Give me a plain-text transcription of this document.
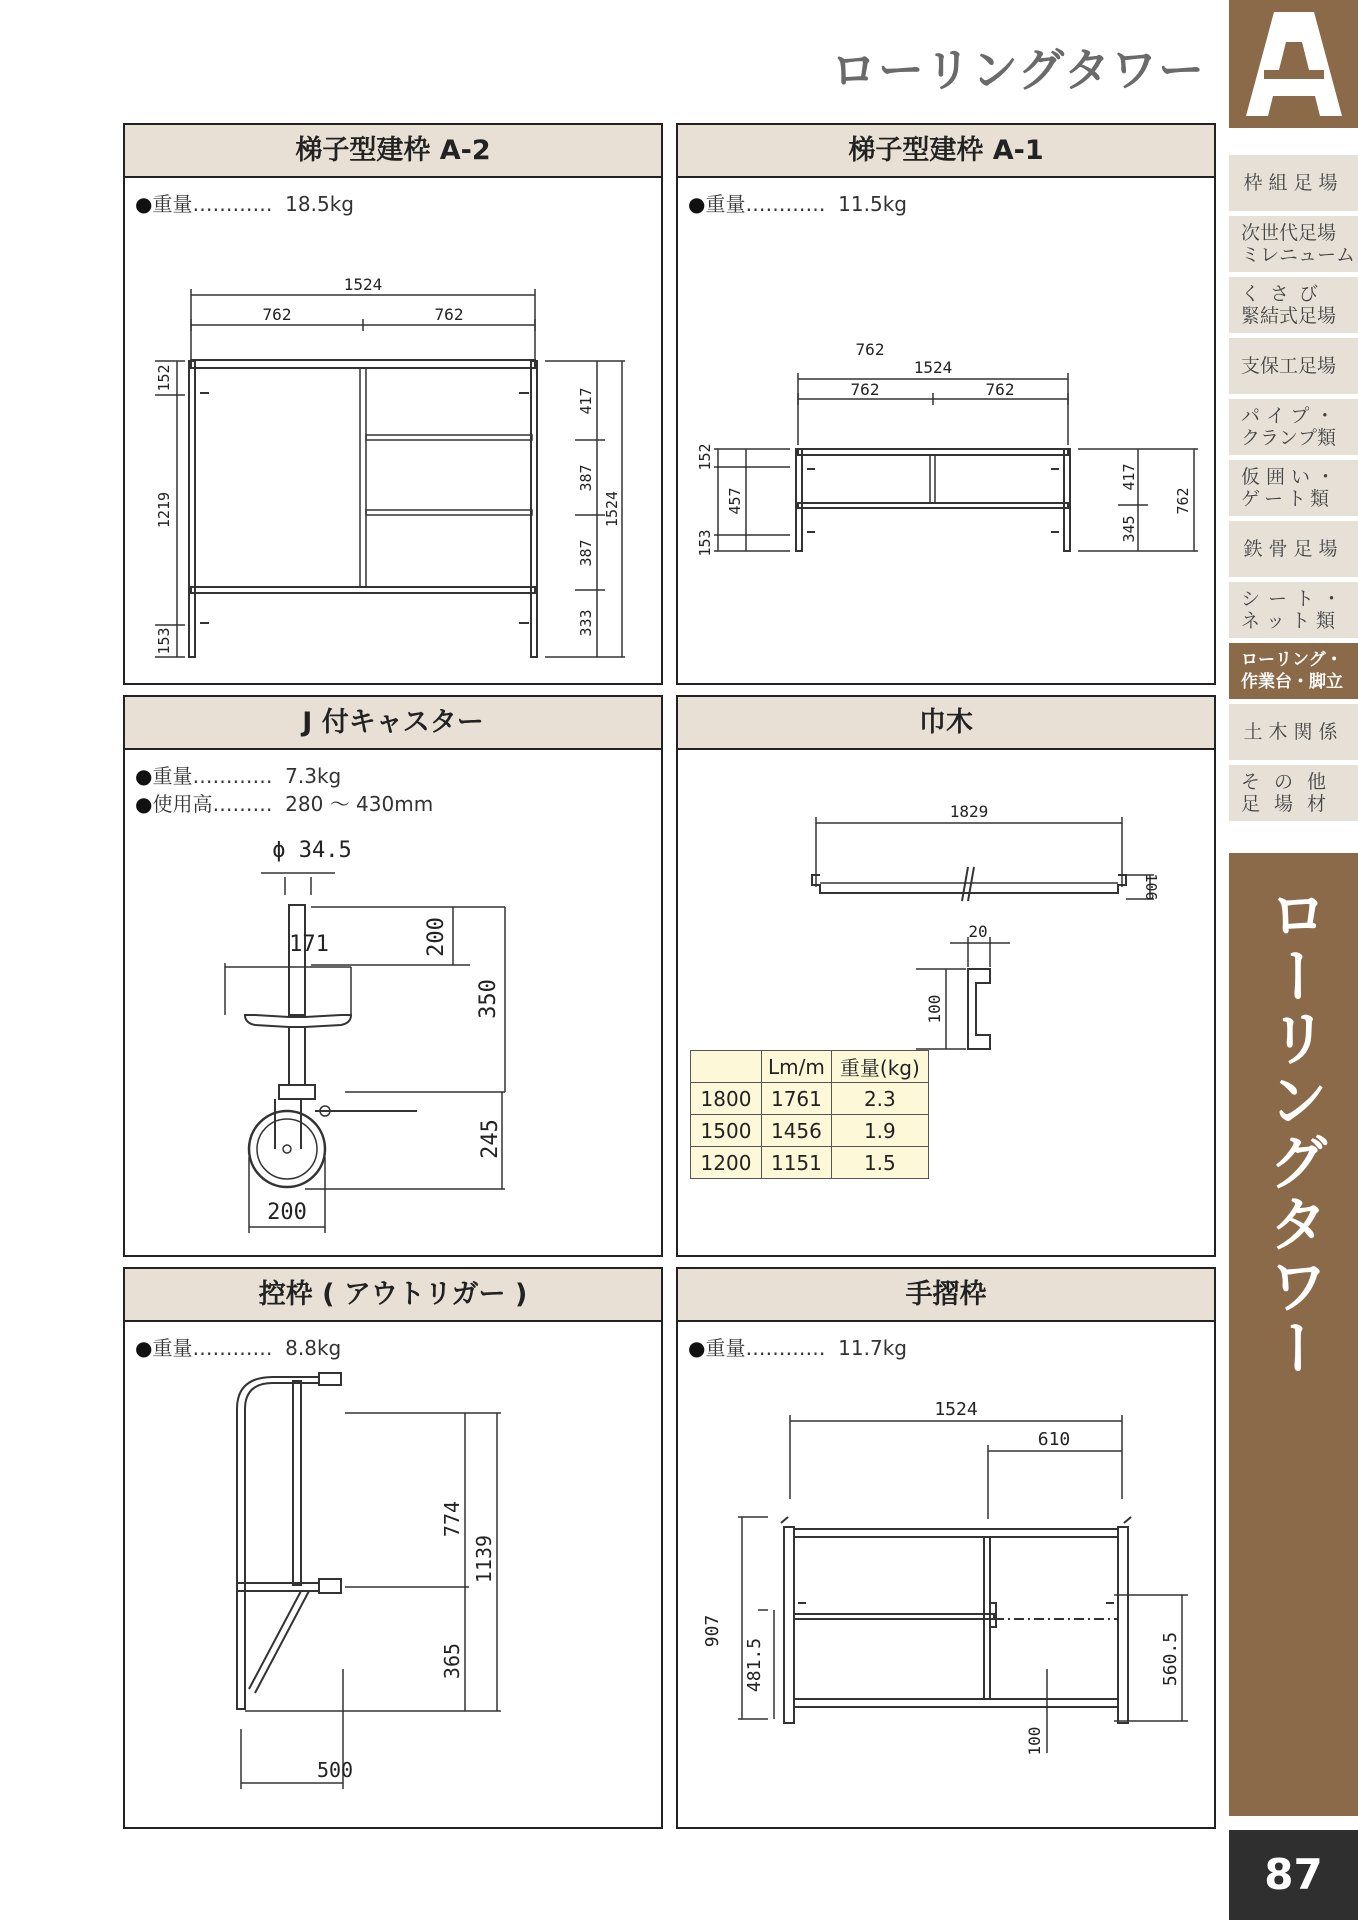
ローリングタワー
枠組足場
次世代足場
ミレニューム
くさび
緊結式足場
支保工足場
パイプ・
クランプ類
仮囲い・
ゲート類
鉄骨足場
シート・
ネット類
ローリング・
作業台・脚立
土木関係
その他
足場材
ローリングタワー
87
梯子型建枠 A-2
●重量………… 18.5kg
1524
762	762
152
1219
153
417
387
387
333
1524
梯子型建枠 A-1
●重量………… 11.5kg
762
1524
762	762
152
457
153
417
345
762
J 付キャスター
●重量………… 7.3kg
●使用高……… 280 ～ 430mm
ϕ 34.5
171	200
350
245
200
巾木
1829
106
20
100
	Lm/m	重量(kg)
1800	1761	2.3
1500	1456	1.9
1200	1151	1.5
控枠 ( アウトリガー )
●重量………… 8.8kg
774
1139
365
500
手摺枠
●重量………… 11.7kg
1524
610
907
481.5	560.5
100
